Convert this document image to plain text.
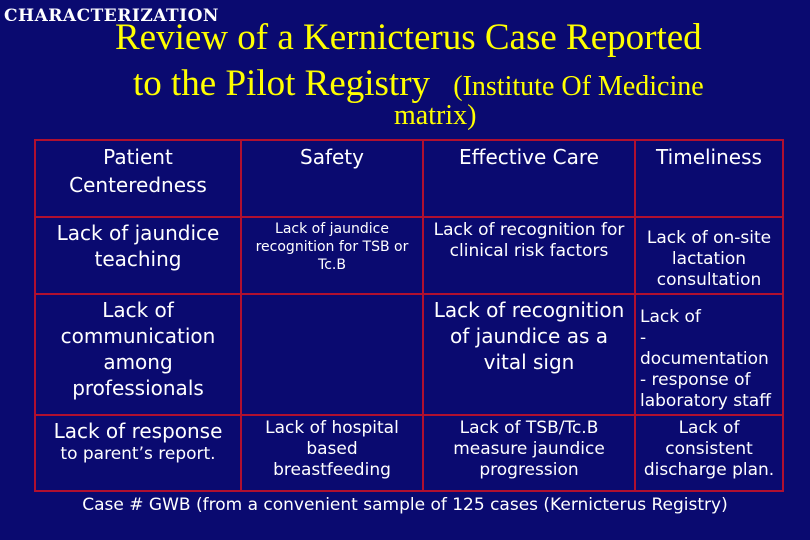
CHARACTERIZATION
Review of a Kernicterus Case Reported
to the Pilot Registry (Institute Of Medicine
matrix)
Patient Centeredness	Safety	Effective Care	Timeliness
Lack of jaundice teaching	Lack of jaundice recognition for TSB or Tc.B	Lack of recognition for clinical risk factors	Lack of on-site lactation consultation
Lack of communication among professionals		Lack of recognition of jaundice as a vital sign	Lack of
- documentation
- response of
laboratory staff

Lack of response
to parent’s report.	Lack of hospital based breastfeeding	Lack of TSB/Tc.B measure jaundice progression	Lack of consistent discharge plan.
Case # GWB (from a convenient sample of 125 cases (Kernicterus Registry)
